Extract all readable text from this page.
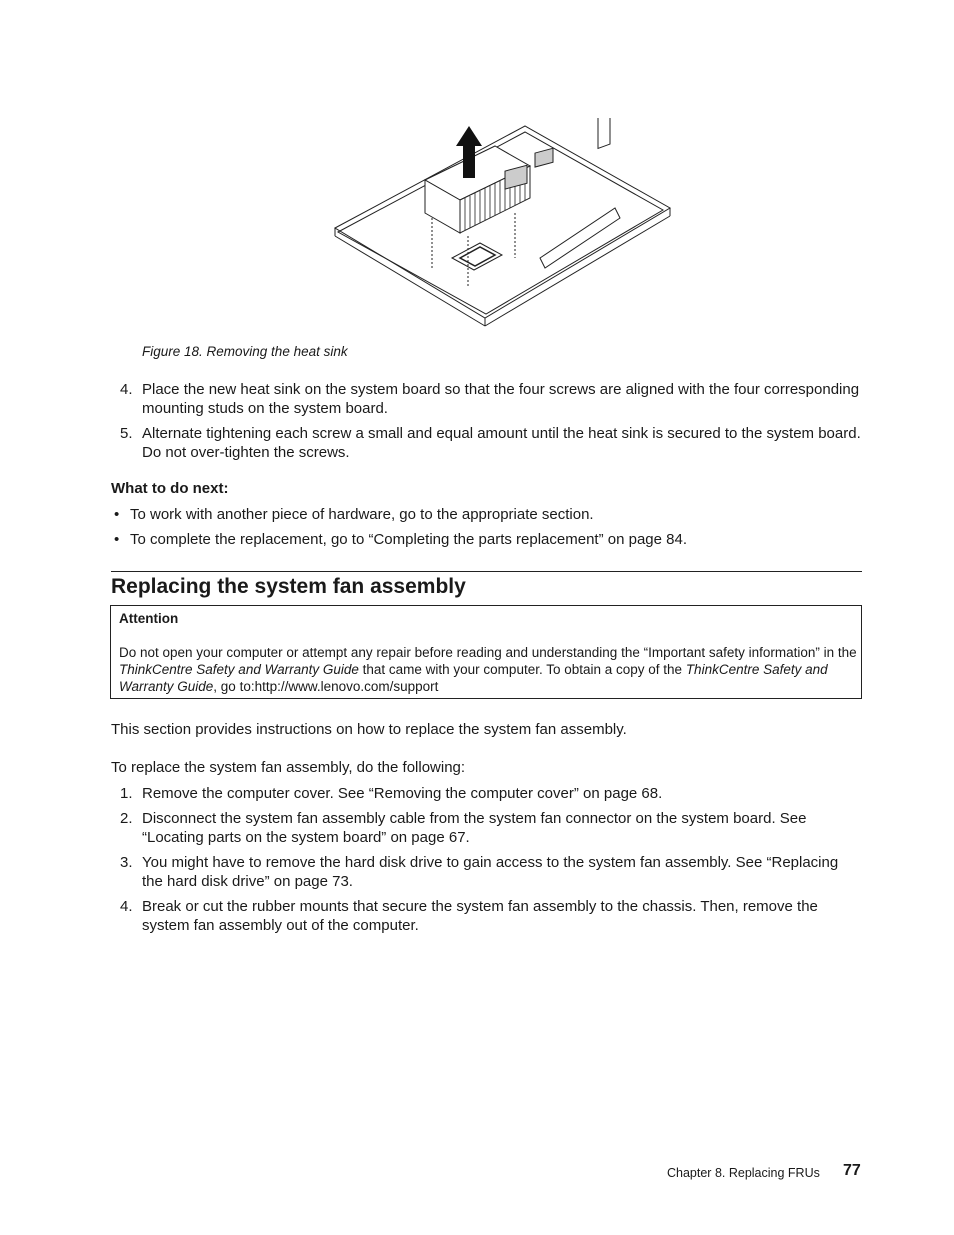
Figure 18. Removing the heat sink
4. Place the new heat sink on the system board so that the four screws are aligned with the four corresponding mounting studs on the system board.
5. Alternate tightening each screw a small and equal amount until the heat sink is secured to the system board. Do not over-tighten the screws.
What to do next:
• To work with another piece of hardware, go to the appropriate section.
• To complete the replacement, go to “Completing the parts replacement” on page 84.
Replacing the system fan assembly
Attention
Do not open your computer or attempt any repair before reading and understanding the “Important safety information” in the ThinkCentre Safety and Warranty Guide that came with your computer. To obtain a copy of the ThinkCentre Safety and Warranty Guide, go to:http://www.lenovo.com/support
This section provides instructions on how to replace the system fan assembly.
To replace the system fan assembly, do the following:
1. Remove the computer cover. See “Removing the computer cover” on page 68.
2. Disconnect the system fan assembly cable from the system fan connector on the system board. See “Locating parts on the system board” on page 67.
3. You might have to remove the hard disk drive to gain access to the system fan assembly. See “Replacing the hard disk drive” on page 73.
4. Break or cut the rubber mounts that secure the system fan assembly to the chassis. Then, remove the system fan assembly out of the computer.
Chapter 8. Replacing FRUs 77
